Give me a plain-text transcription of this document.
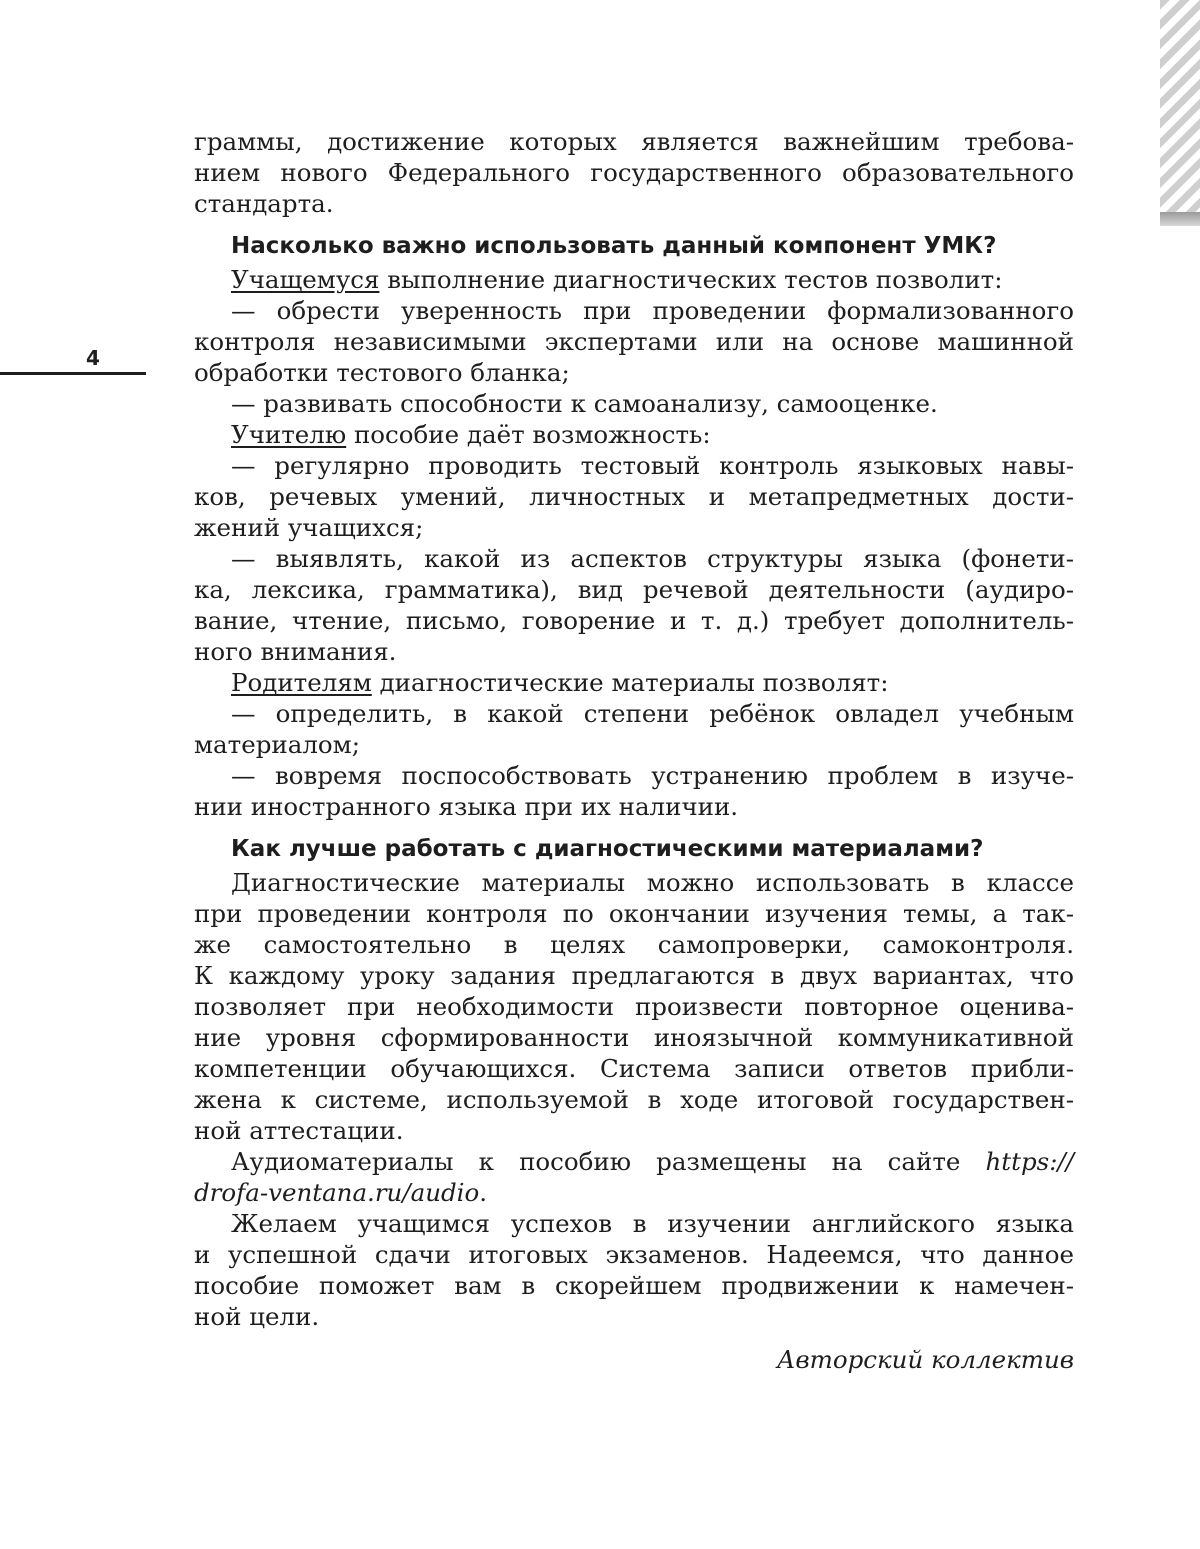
4

граммы, достижение которых является важнейшим требова-

нием нового Федерального государственного образовательного

стандарта.

Насколько важно использовать данный компонент УМК?

Учащемуся выполнение диагностических тестов позволит:

— обрести уверенность при проведении формализованного

контроля независимыми экспертами или на основе машинной

обработки тестового бланка;

— развивать способности к самоанализу, самооценке.

Учителю пособие даёт возможность:

— регулярно проводить тестовый контроль языковых навы-

ков, речевых умений, личностных и метапредметных дости-

жений учащихся;

— выявлять, какой из аспектов структуры языка (фонети-

ка, лексика, грамматика), вид речевой деятельности (аудиро-

вание, чтение, письмо, говорение и т. д.) требует дополнитель-

ного внимания.

Родителям диагностические материалы позволят:

— определить, в какой степени ребёнок овладел учебным

материалом;

— вовремя поспособствовать устранению проблем в изуче-

нии иностранного языка при их наличии.

Как лучше работать с диагностическими материалами?

Диагностические материалы можно использовать в классе

при проведении контроля по окончании изучения темы, а так-

же самостоятельно в целях самопроверки, самоконтроля.

К каждому уроку задания предлагаются в двух вариантах, что

позволяет при необходимости произвести повторное оценива-

ние уровня сформированности иноязычной коммуникативной

компетенции обучающихся. Система записи ответов прибли-

жена к системе, используемой в ходе итоговой государствен-

ной аттестации.

Аудиоматериалы к пособию размещены на сайте https://

drofa-ventana.ru/audio.

Желаем учащимся успехов в изучении английского языка

и успешной сдачи итоговых экзаменов. Надеемся, что данное

пособие поможет вам в скорейшем продвижении к намечен-

ной цели.

Авторский коллектив
